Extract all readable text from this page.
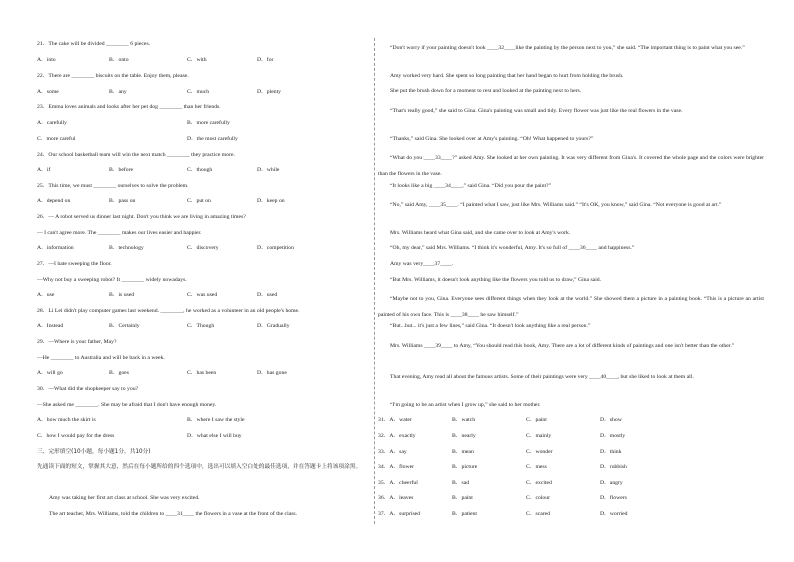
21．The cake will be divided ________ 6 pieces.
A．into	B．onto	C．with	D．for
22．There are ________ biscuits on the table. Enjoy them, please.
A．some	B．any	C．much	D．plenty
23．Emma loves animals and looks after her pet dog ________ than her friends.
A．carefully	B．more carefully
C．more careful	D．the most carefully
24．Our school basketball team will win the next match ________ they practice more.
A．if	B．before	C．though	D．while
25．This time, we must ________ ourselves to solve the problem.
A．depend on	B．pass on	C．put on	D．keep on
26．— A robot served us dinner last night. Don't you think we are living in amazing times?
— I can't agree more. The ________ makes our lives easier and happier.
A．information	B．technology	C．discovery	D．competition
27．—I hate sweeping the floor.
—Why not buy a sweeping robot? It ________ widely nowadays.
A．use	B．is used	C．was used	D．used
28．Li Lei didn't play computer games last weekend. ________, he worked as a volunteer in an old people's home.
A．Instead	B．Certainly	C．Though	D．Gradually
29．—Where is your father, May?
—He ________ to Australia and will be back in a week.
A．will go	B．goes	C．has been	D．has gone
30．—What did the shopkeeper say to you?
—She asked me ________. She may be afraid that I don't have enough money.
A．how much the skirt is	B．where I saw the style
C．how I would pay for the dress	D．what else I will buy
三、完形填空(10小题，每小题1分，共10分)
先通读下面的短文，掌握其大意，然后在每小题所给的四个选项中，选出可以填入空白处的最佳选项，并在答题卡上将该项涂黑。
Amy was taking her first art class at school. She was very excited.
The art teacher, Mrs. Williams, told the children to ____31____ the flowers in a vase at the front of the class.
“Don't worry if your painting doesn't look ____32____like the painting by the person next to you,” she said. “The important thing is to paint what you see.”
Amy worked very hard. She spent so long painting that her hand began to hurt from holding the brush.
She put the brush down for a moment to rest and looked at the painting next to hers.
“That's really good,” she said to Gina. Gina's painting was small and tidy. Every flower was just like the real flowers in the vase.
“Thanks,” said Gina. She looked over at Amy's painting. “Oh! What happened to yours?”
“What do you ____33____?” asked Amy. She looked at her own painting. It was very different from Gina's. It covered the whole page and the colors were brighter than the flowers in the vase.
“It looks like a big ____34____,” said Gina. “Did you pour the paint?”
“No,” said Amy, ____35____. “I painted what I saw, just like Mrs. Williams said.” “It's OK, you know,” said Gina. “Not everyone is good at art.”
Mrs. Williams heard what Gina said, and she came over to look at Amy's work.
“Oh, my dear,” said Mrs. Williams. “I think it's wonderful, Amy. It's so full of ____36____ and happiness.”
Amy was very____37____.
“But Mrs. Williams, it doesn't look anything like the flowers you told us to draw,” Gina said.
“Maybe not to you, Gina. Everyone sees different things when they look at the world.” She showed them a picture in a painting book. “This is a picture an artist painted of his own face. This is ____38____ he saw himself.”
“But...but... it's just a few lines,” said Gina. “It doesn't look anything like a real person.”
Mrs. Williams ____39____ to Amy, “You should read this book, Amy. There are a lot of different kinds of paintings and one isn't better than the other.”
That evening, Amy read all about the famous artists. Some of their paintings were very ____40____, but she liked to look at them all.
“I'm going to be an artist when I grow up,” she said to her mother.
31．A．water	B．watch	C．paint	D．show
32．A．exactly	B．nearly	C．mainly	D．mostly
33．A．say	B．mean	C．wonder	D．think
34．A．flower	B．picture	C．mess	D．rubbish
35．A．cheerful	B．sad	C．excited	D．angry
36．A．leaves	B．paint	C．colour	D．flowers
37．A．surprised	B．patient	C．scared	D．worried
